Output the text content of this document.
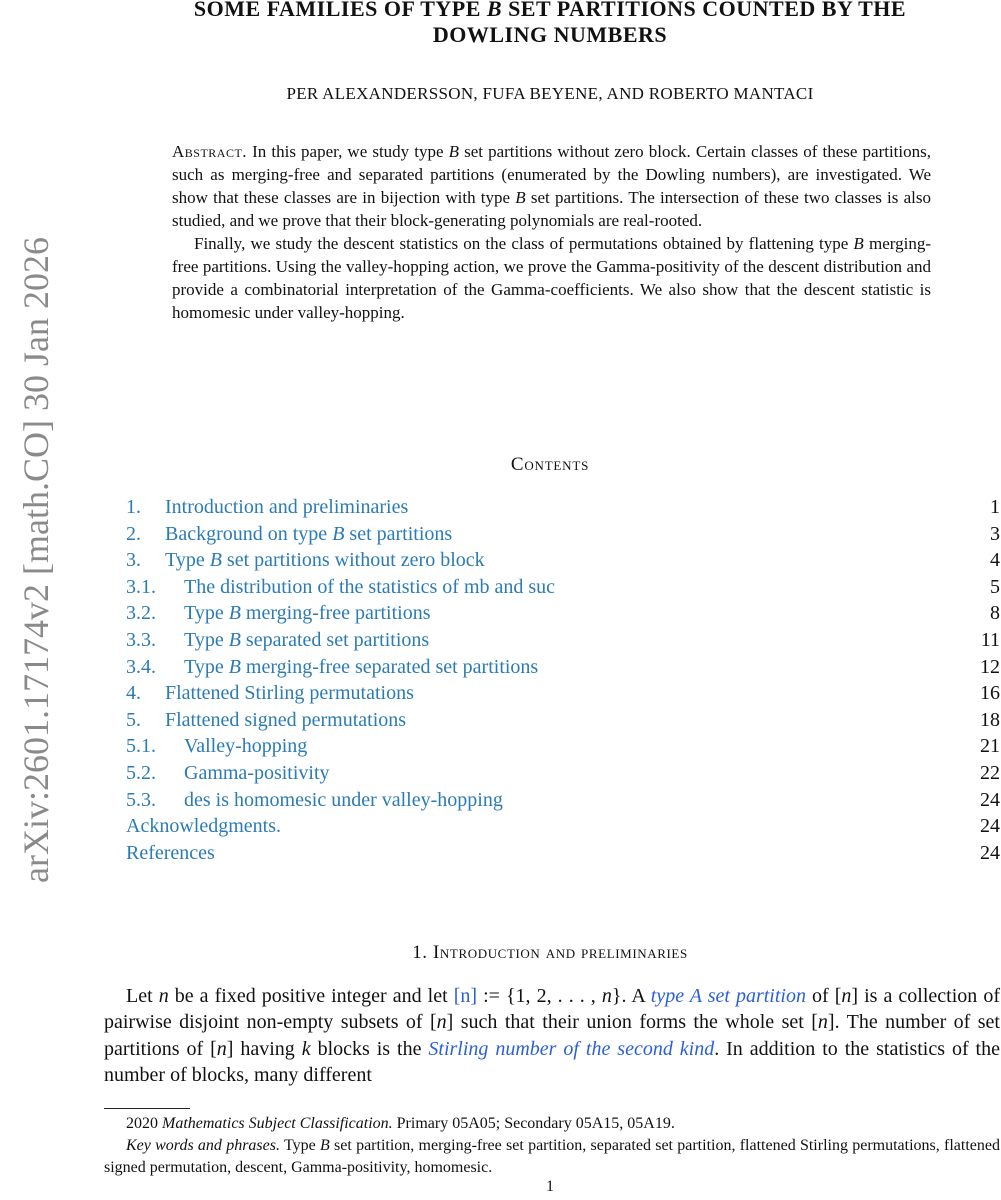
arXiv:2601.17174v2 [math.CO] 30 Jan 2026
SOME FAMILIES OF TYPE B SET PARTITIONS COUNTED BY THE
DOWLING NUMBERS
PER ALEXANDERSSON, FUFA BEYENE, AND ROBERTO MANTACI

Abstract. In this paper, we study type B set partitions without zero block. Certain classes of these partitions, such as merging-free and separated partitions (enumerated by the Dowling numbers), are investigated. We show that these classes are in bijection with type B set partitions. The intersection of these two classes is also studied, and we prove that their block-generating polynomials are real-rooted.

Finally, we study the descent statistics on the class of permutations obtained by flattening type B merging-free partitions. Using the valley-hopping action, we prove the Gamma-positivity of the descent distribution and provide a combinatorial interpretation of the Gamma-coefficients. We also show that the descent statistic is homomesic under valley-hopping.

Contents
1. Introduction and preliminaries	1
2. Background on type B set partitions	3
3. Type B set partitions without zero block	4
3.1. The distribution of the statistics of mb and suc	5
3.2. Type B merging-free partitions	8
3.3. Type B separated set partitions	11
3.4. Type B merging-free separated set partitions	12
4. Flattened Stirling permutations	16
5. Flattened signed permutations	18
5.1. Valley-hopping	21
5.2. Gamma-positivity	22
5.3. des is homomesic under valley-hopping	24
Acknowledgments.	24
References	24
1. Introduction and preliminaries

Let n be a fixed positive integer and let [n] := {1, 2, . . . , n}. A type A set partition of [n] is a collection of pairwise disjoint non-empty subsets of [n] such that their union forms the whole set [n]. The number of set partitions of [n] having k blocks is the Stirling number of the second kind. In addition to the statistics of the number of blocks, many different

2020 Mathematics Subject Classification. Primary 05A05; Secondary 05A15, 05A19.

Key words and phrases. Type B set partition, merging-free set partition, separated set partition, flattened Stirling permutations, flattened signed permutation, descent, Gamma-positivity, homomesic.

1
